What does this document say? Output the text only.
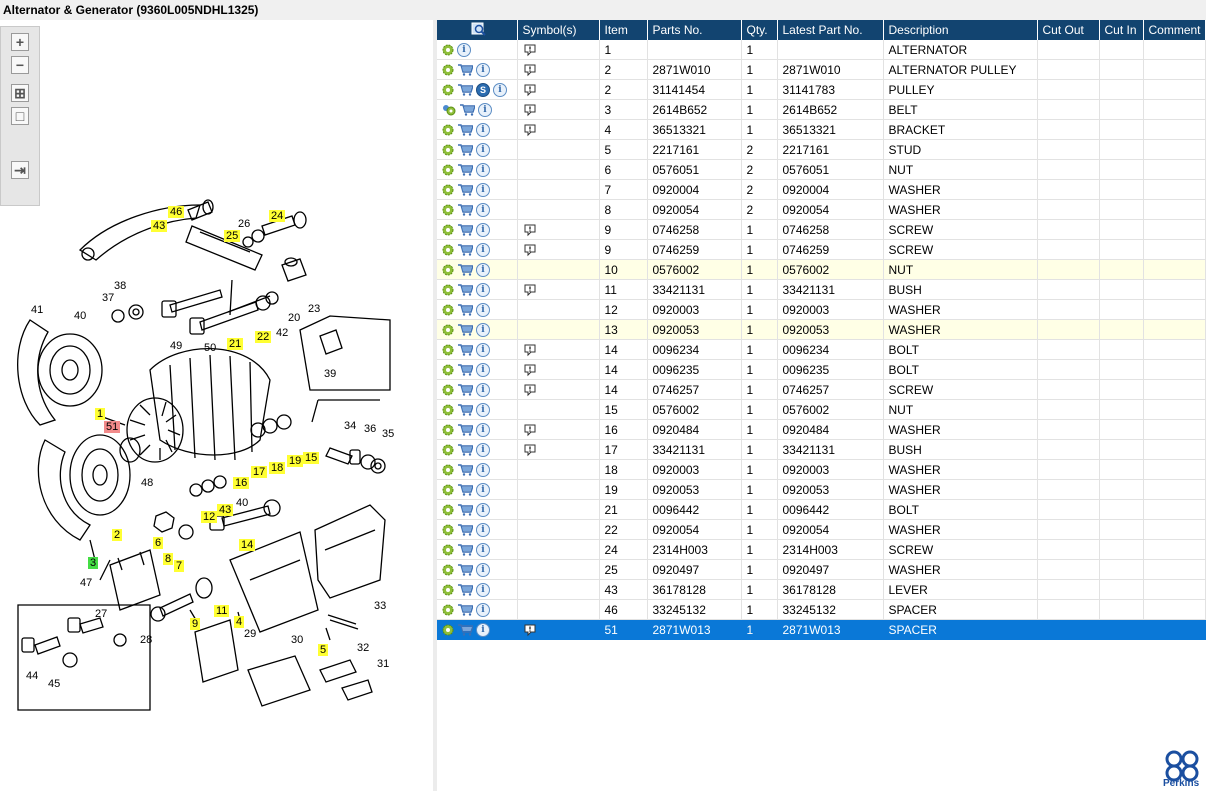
Alternator & Generator (9360L005NDHL1325)
+
−
⊞
□
⇥
46
43	26
24
25
38
37
41	40	20
23
49 50 21
22 42
39
1
51	34 36 35
19 15
18
17
16
48
40
43
12
14
2
6
8
7
3
47
33
9
11
4
27
28	29	30
5	32
31
44
45
	Symbol(s)	Item	Parts No.	Qty.	Latest Part No.	Description	Cut Out	Cut In	Comment
i		1		1		ALTERNATOR			
i		2	2871W010	1	2871W010	ALTERNATOR PULLEY			
S i		2	31141454	1	31141783	PULLEY			
i		3	2614B652	1	2614B652	BELT			
i		4	36513321	1	36513321	BRACKET			
i		5	2217161	2	2217161	STUD			
i		6	0576051	2	0576051	NUT			
i		7	0920004	2	0920004	WASHER			
i		8	0920054	2	0920054	WASHER			
i		9	0746258	1	0746258	SCREW			
i		9	0746259	1	0746259	SCREW			
i		10	0576002	1	0576002	NUT			
i		11	33421131	1	33421131	BUSH			
i		12	0920003	1	0920003	WASHER			
i		13	0920053	1	0920053	WASHER			
i		14	0096234	1	0096234	BOLT			
i		14	0096235	1	0096235	BOLT			
i		14	0746257	1	0746257	SCREW			
i		15	0576002	1	0576002	NUT			
i		16	0920484	1	0920484	WASHER			
i		17	33421131	1	33421131	BUSH			
i		18	0920003	1	0920003	WASHER			
i		19	0920053	1	0920053	WASHER			
i		21	0096442	1	0096442	BOLT			
i		22	0920054	1	0920054	WASHER			
i		24	2314H003	1	2314H003	SCREW			
i		25	0920497	1	0920497	WASHER			
i		43	36178128	1	36178128	LEVER			
i		46	33245132	1	33245132	SPACER			
i		51	2871W013	1	2871W013	SPACER			
Perkins
